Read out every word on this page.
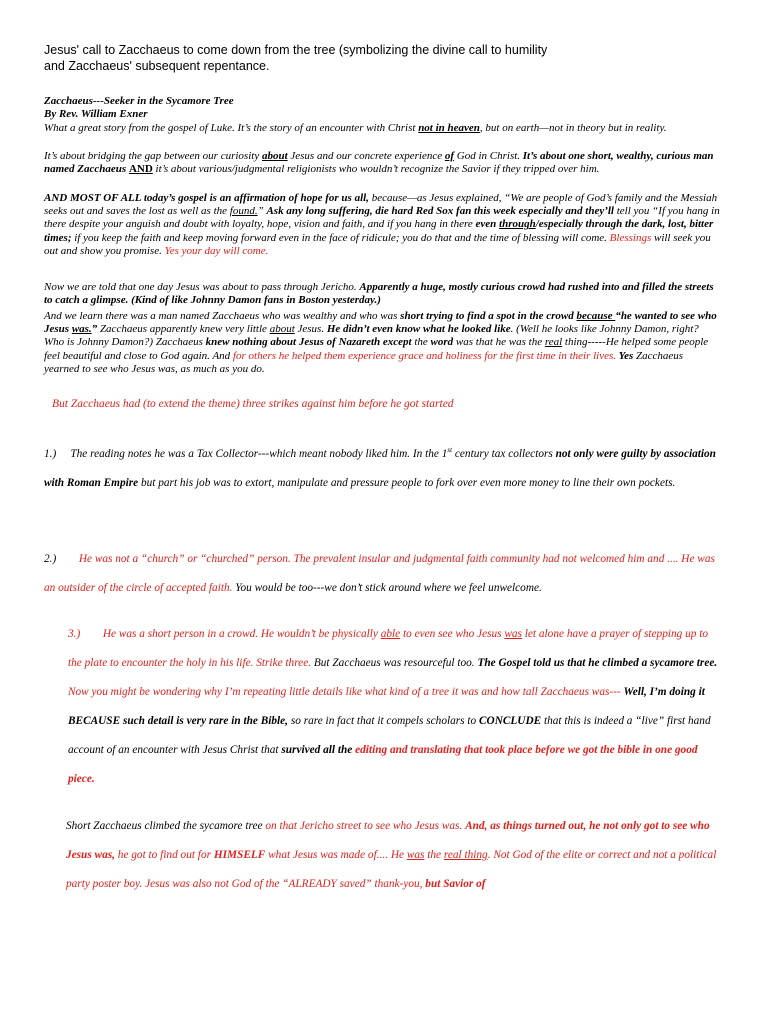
Jesus' call to Zacchaeus to come down from the tree (symbolizing the divine call to humility
and Zacchaeus' subsequent repentance.
Zacchaeus---Seeker in the Sycamore Tree
By Rev. William Exner
What a great story from the gospel of Luke. It’s the story of an encounter with Christ not in heaven, but on earth—not in theory but in reality.
It’s about bridging the gap between our curiosity about Jesus and our concrete experience of God in Christ. It’s about one short, wealthy, curious man named Zacchaeus AND it’s about various/judgmental religionists who wouldn’t recognize the Savior if they tripped over him.
AND MOST OF ALL today’s gospel is an affirmation of hope for us all, because—as Jesus explained, “We are people of God’s family and the Messiah seeks out and saves the lost as well as the found.” Ask any long suffering, die hard Red Sox fan this week especially and they’ll tell you “If you hang in there despite your anguish and doubt with loyalty, hope, vision and faith, and if you hang in there even through/especially through the dark, lost, bitter times; if you keep the faith and keep moving forward even in the face of ridicule; you do that and the time of blessing will come. Blessings will seek you out and show you promise. Yes your day will come.
Now we are told that one day Jesus was about to pass through Jericho. Apparently a huge, mostly curious crowd had rushed into and filled the streets to catch a glimpse. (Kind of like Johnny Damon fans in Boston yesterday.)
And we learn there was a man named Zacchaeus who was wealthy and who was short trying to find a spot in the crowd because “he wanted to see who Jesus was.” Zacchaeus apparently knew very little about Jesus. He didn’t even know what he looked like. (Well he looks like Johnny Damon, right? Who is Johnny Damon?) Zacchaeus knew nothing about Jesus of Nazareth except the word was that he was the real thing-----He helped some people feel beautiful and close to God again. And for others he helped them experience grace and holiness for the first time in their lives. Yes Zacchaeus yearned to see who Jesus was, as much as you do.
But Zacchaeus had (to extend the theme) three strikes against him before he got started
1.) The reading notes he was a Tax Collector---which meant nobody liked him. In the 1st century tax collectors not only were guilty by association with Roman Empire but part his job was to extort, manipulate and pressure people to fork over even more money to line their own pockets.
2.) He was not a “church” or “churched” person. The prevalent insular and judgmental faith community had not welcomed him and .... He was an outsider of the circle of accepted faith. You would be too---we don’t stick around where we feel unwelcome.
3.) He was a short person in a crowd. He wouldn’t be physically able to even see who Jesus was let alone have a prayer of stepping up to the plate to encounter the holy in his life. Strike three. But Zacchaeus was resourceful too. The Gospel told us that he climbed a sycamore tree. Now you might be wondering why I’m repeating little details like what kind of a tree it was and how tall Zacchaeus was--- Well, I’m doing it BECAUSE such detail is very rare in the Bible, so rare in fact that it compels scholars to CONCLUDE that this is indeed a “live” first hand account of an encounter with Jesus Christ that survived all the editing and translating that took place before we got the bible in one good piece.
Short Zacchaeus climbed the sycamore tree on that Jericho street to see who Jesus was. And, as things turned out, he not only got to see who Jesus was, he got to find out for HIMSELF what Jesus was made of.... He was the real thing. Not God of the elite or correct and not a political party poster boy. Jesus was also not God of the “ALREADY saved” thank-you, but Savior of
